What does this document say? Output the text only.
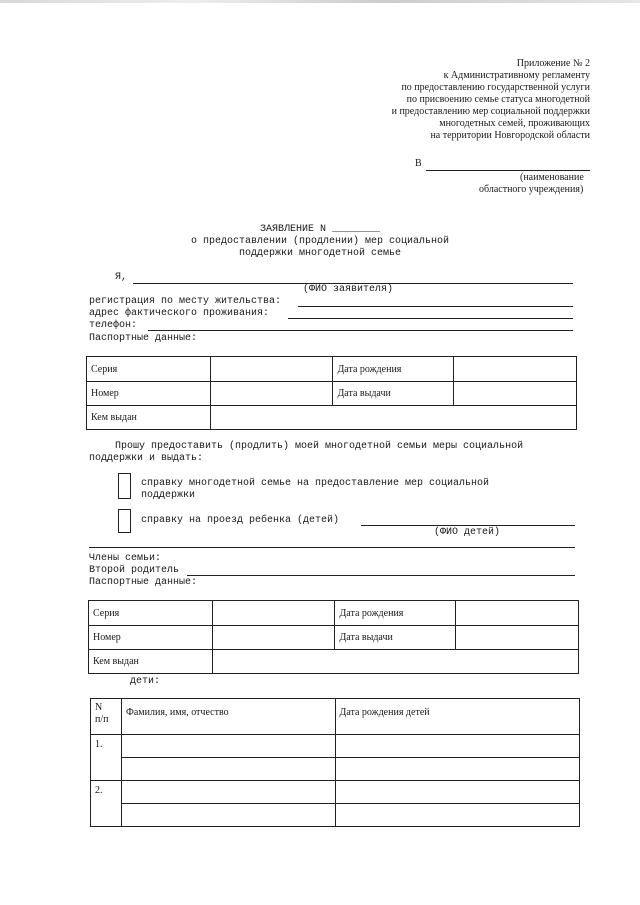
Приложение № 2
к Административному регламенту
по предоставлению государственной услуги
по присвоению семье статуса многодетной
и предоставлению мер социальной поддержки
многодетных семей, проживающих
на территории Новгородской области
В
(наименование
областного учреждения)
ЗАЯВЛЕНИЕ N ________
о предоставлении (продлении) мер социальной
поддержки многодетной семье
Я,
(ФИО заявителя)
регистрация по месту жительства:
адрес фактического проживания:
телефон:
Паспортные данные:
Серия		Дата рождения	
Номер		Дата выдачи	
Кем выдан			
Прошу предоставить (продлить) моей многодетной семьи меры социальной
поддержки и выдать:
справку многодетной семье на предоставление мер социальной
поддержки
справку на проезд ребенка (детей)
(ФИО детей)
Члены семьи:
Второй родитель
Паспортные данные:
Серия		Дата рождения	
Номер		Дата выдачи	
Кем выдан			
дети:
N
п/п	Фамилия, имя, отчество	Дата рождения детей
1.		

2.		
